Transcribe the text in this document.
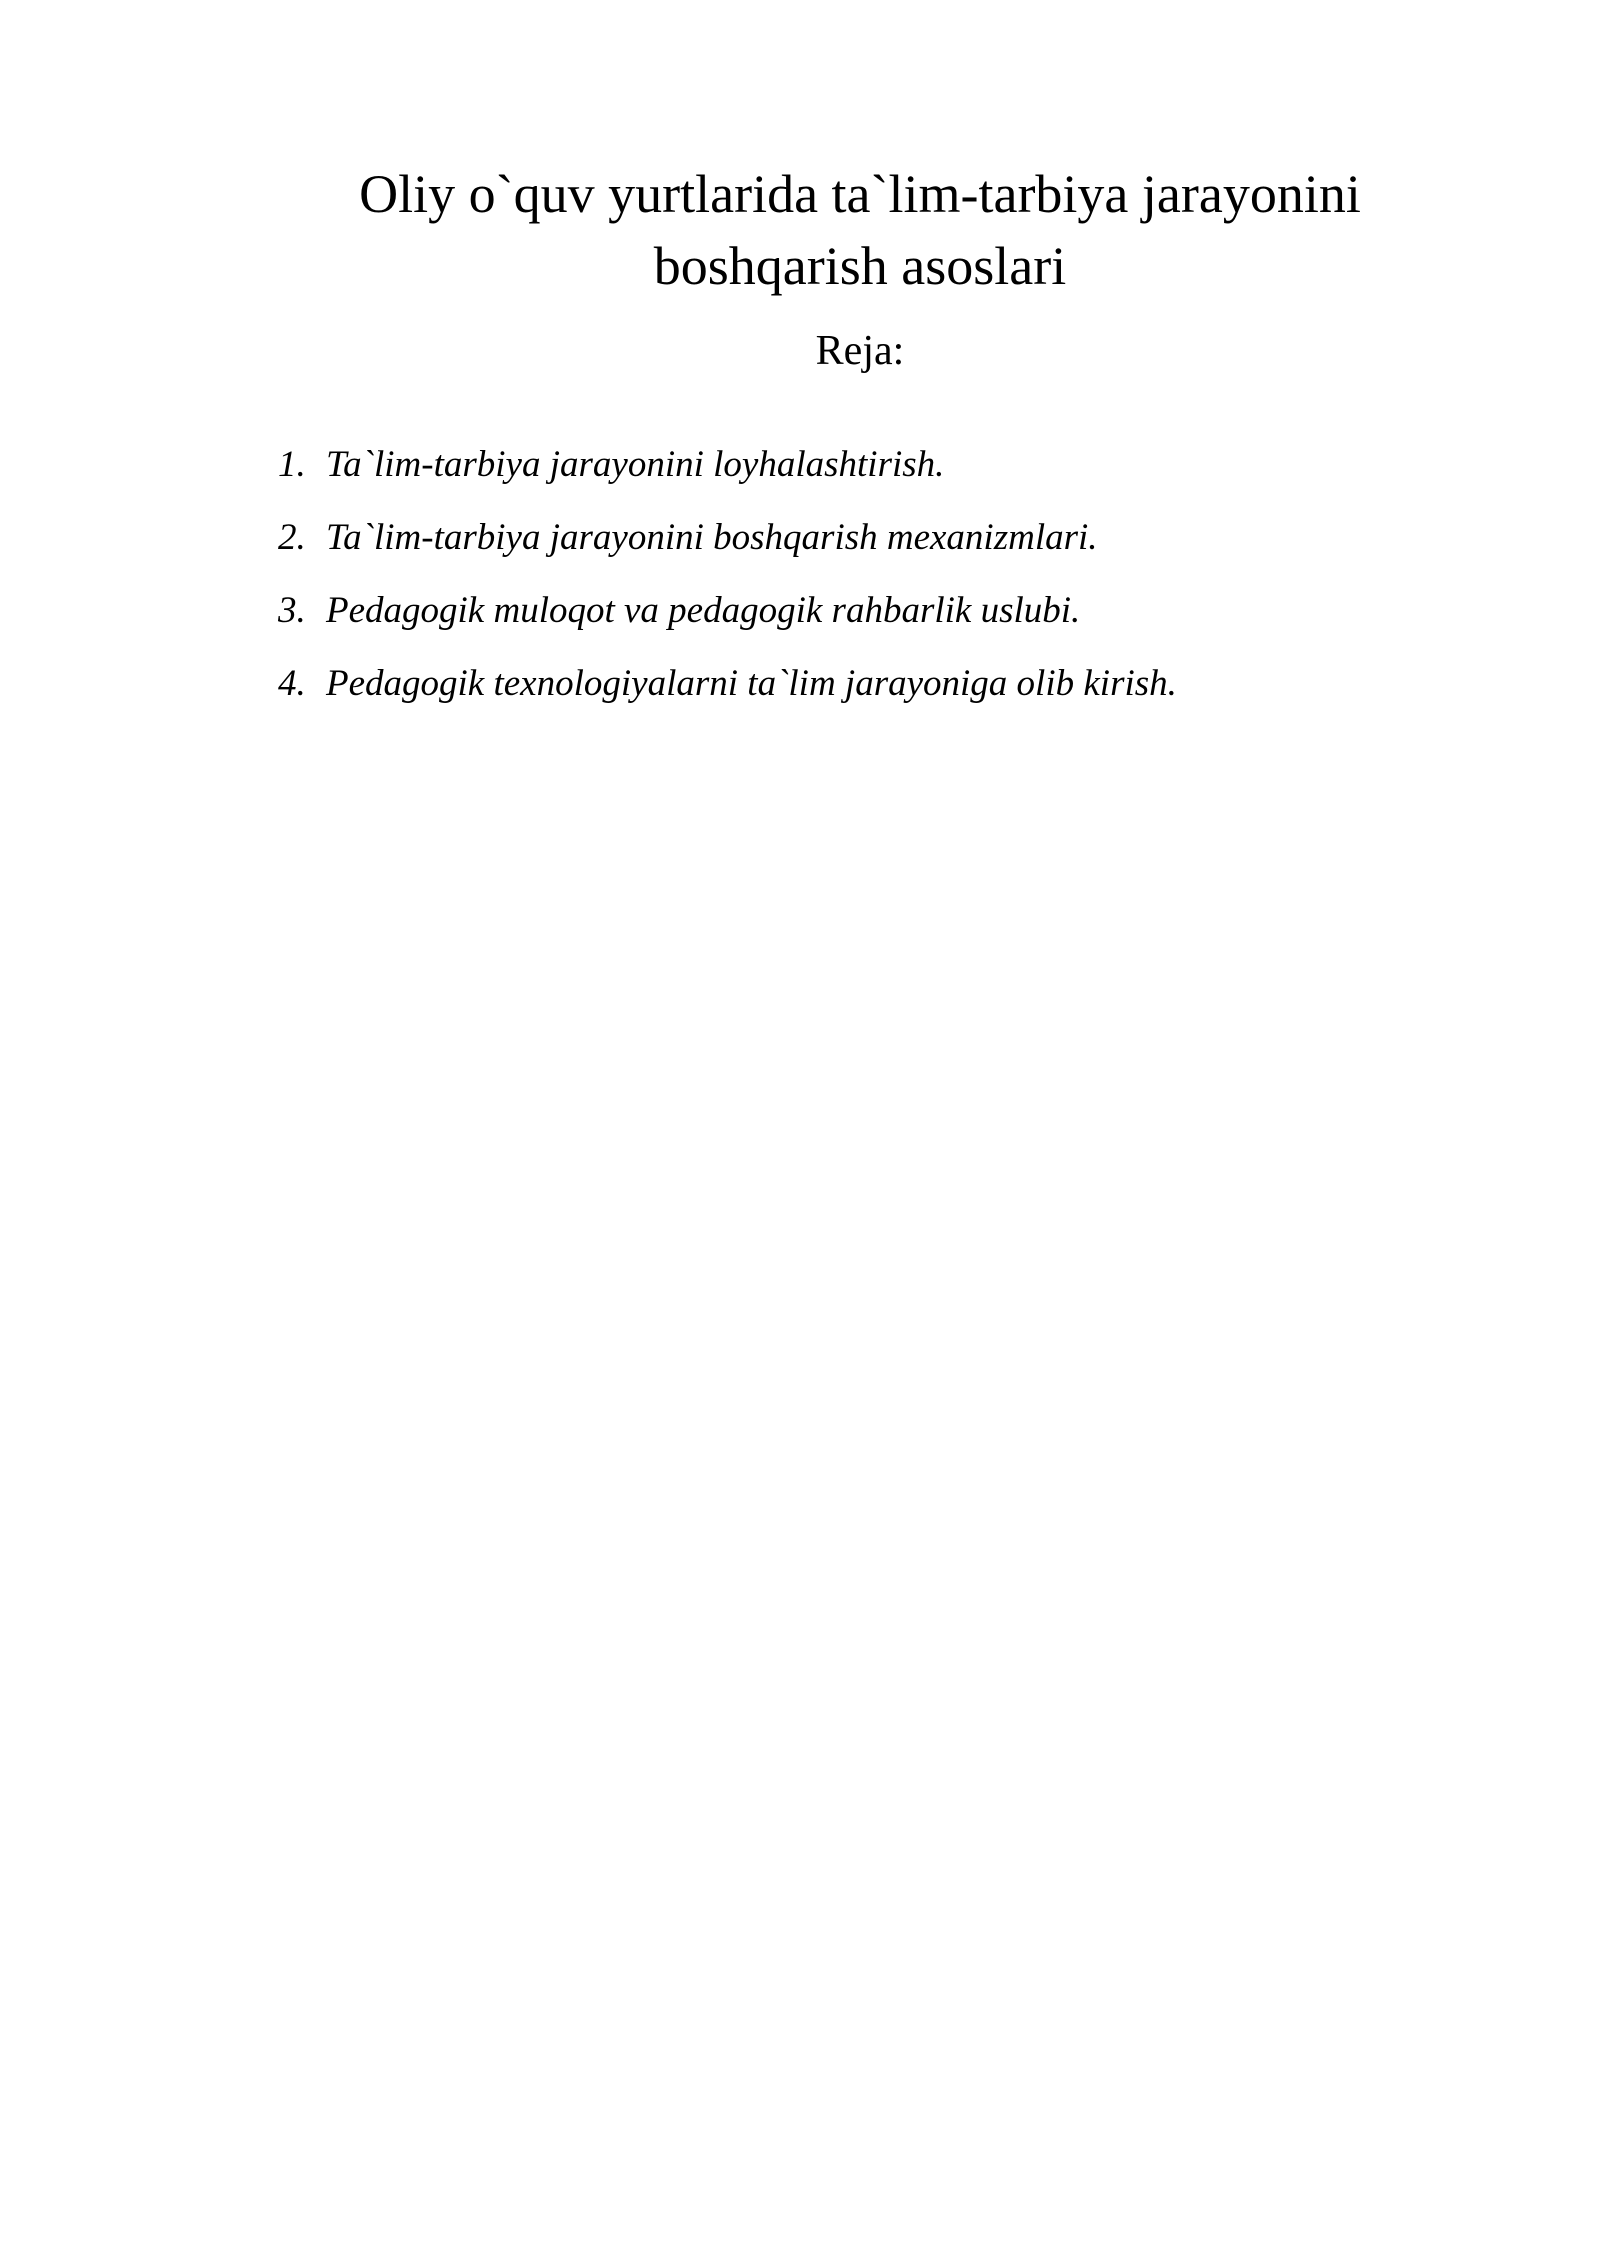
Oliy o`quv yurtlarida ta`lim-tarbiya jarayonini
boshqarish asoslari
Reja:
1. Ta`lim-tarbiya jarayonini loyhalashtirish.
2. Ta`lim-tarbiya jarayonini boshqarish mexanizmlari.
3. Pedagogik muloqot va pedagogik rahbarlik uslubi.
4. Pedagogik texnologiyalarni ta`lim jarayoniga olib kirish.
